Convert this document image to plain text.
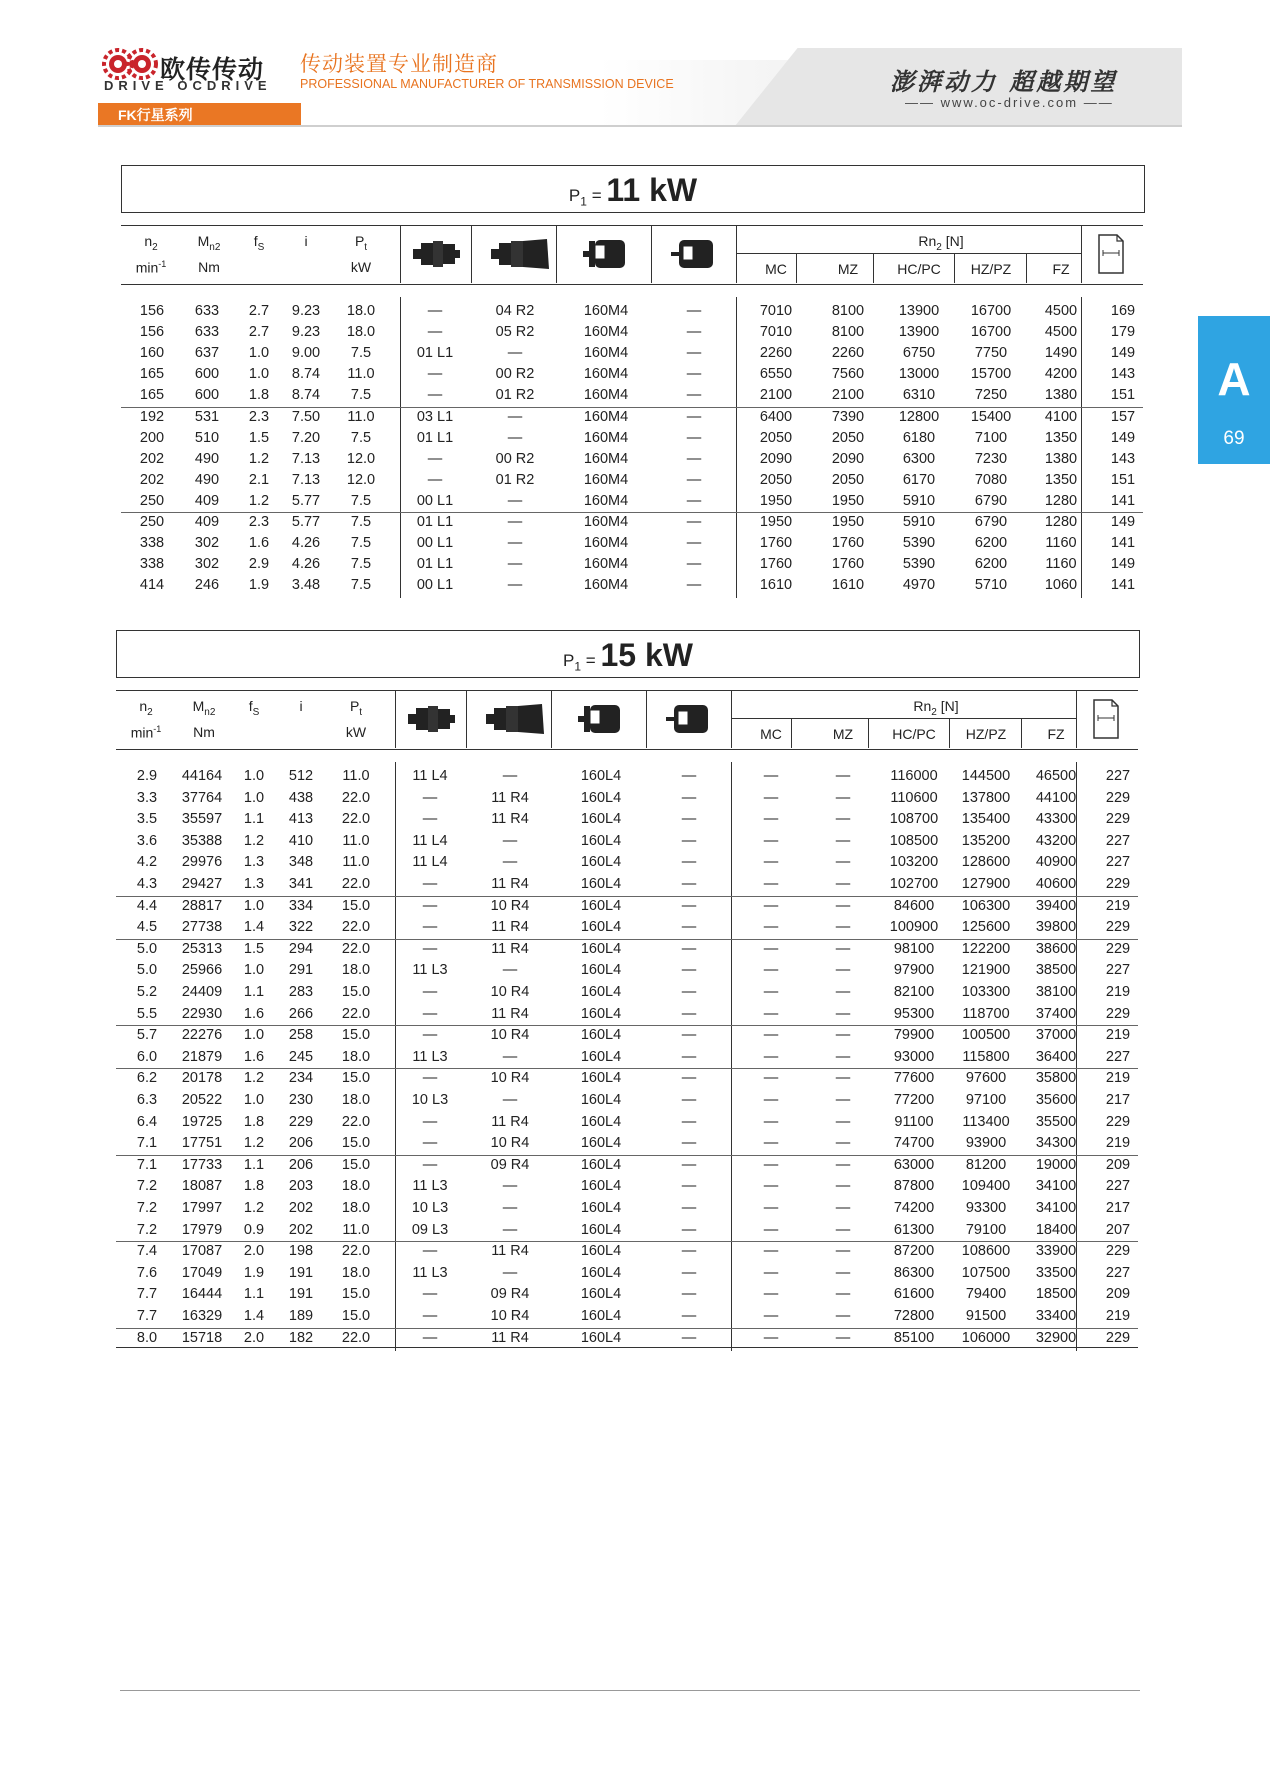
欧传传动
DRIVE OCDRIVE
传动装置专业制造商
PROFESSIONAL MANUFACTURER OF TRANSMISSION DEVICE	澎湃动力 超越期望
—— www.oc-drive.com ——
FK行星系列
A
69
$P_1 = 11$ kW
$n_2$
$\min^{-1}$
$M_{n2}$
Nm
$f_S$	i	$P_t$
kW
$Rn_2$ [N]
MC	MZ	HC/PC	HZ/PZ	FZ
156	633	2.7	9.23	18.0	—	04 R2	160M4	—	7010	8100	13900	16700	4500	169
156	633	2.7	9.23	18.0	—	05 R2	160M4	—	7010	8100	13900	16700	4500	179
160	637	1.0	9.00	7.5	01 L1	—	160M4	—	2260	2260	6750	7750	1490	149
165	600	1.0	8.74	11.0	—	00 R2	160M4	—	6550	7560	13000	15700	4200	143
165	600	1.8	8.74	7.5	—	01 R2	160M4	—	2100	2100	6310	7250	1380	151
192	531	2.3	7.50	11.0	03 L1	—	160M4	—	6400	7390	12800	15400	4100	157
200	510	1.5	7.20	7.5	01 L1	—	160M4	—	2050	2050	6180	7100	1350	149
202	490	1.2	7.13	12.0	—	00 R2	160M4	—	2090	2090	6300	7230	1380	143
202	490	2.1	7.13	12.0	—	01 R2	160M4	—	2050	2050	6170	7080	1350	151
250	409	1.2	5.77	7.5	00 L1	—	160M4	—	1950	1950	5910	6790	1280	141
250	409	2.3	5.77	7.5	01 L1	—	160M4	—	1950	1950	5910	6790	1280	149
338	302	1.6	4.26	7.5	00 L1	—	160M4	—	1760	1760	5390	6200	1160	141
338	302	2.9	4.26	7.5	01 L1	—	160M4	—	1760	1760	5390	6200	1160	149
414	246	1.9	3.48	7.5	00 L1	—	160M4	—	1610	1610	4970	5710	1060	141
$P_1 = 15$ kW
$n_2$
$\min^{-1}$
$M_{n2}$
Nm
$f_S$	i	$P_t$
kW
$Rn_2$ [N]
MC	MZ	HC/PC	HZ/PZ	FZ
2.9	44164	1.0	512	11.0	11 L4	—	160L4	—	—	—	116000	144500	46500	227
3.3	37764	1.0	438	22.0	—	11 R4	160L4	—	—	—	110600	137800	44100	229
3.5	35597	1.1	413	22.0	—	11 R4	160L4	—	—	—	108700	135400	43300	229
3.6	35388	1.2	410	11.0	11 L4	—	160L4	—	—	—	108500	135200	43200	227
4.2	29976	1.3	348	11.0	11 L4	—	160L4	—	—	—	103200	128600	40900	227
4.3	29427	1.3	341	22.0	—	11 R4	160L4	—	—	—	102700	127900	40600	229
4.4	28817	1.0	334	15.0	—	10 R4	160L4	—	—	—	84600	106300	39400	219
4.5	27738	1.4	322	22.0	—	11 R4	160L4	—	—	—	100900	125600	39800	229
5.0	25313	1.5	294	22.0	—	11 R4	160L4	—	—	—	98100	122200	38600	229
5.0	25966	1.0	291	18.0	11 L3	—	160L4	—	—	—	97900	121900	38500	227
5.2	24409	1.1	283	15.0	—	10 R4	160L4	—	—	—	82100	103300	38100	219
5.5	22930	1.6	266	22.0	—	11 R4	160L4	—	—	—	95300	118700	37400	229
5.7	22276	1.0	258	15.0	—	10 R4	160L4	—	—	—	79900	100500	37000	219
6.0	21879	1.6	245	18.0	11 L3	—	160L4	—	—	—	93000	115800	36400	227
6.2	20178	1.2	234	15.0	—	10 R4	160L4	—	—	—	77600	97600	35800	219
6.3	20522	1.0	230	18.0	10 L3	—	160L4	—	—	—	77200	97100	35600	217
6.4	19725	1.8	229	22.0	—	11 R4	160L4	—	—	—	91100	113400	35500	229
7.1	17751	1.2	206	15.0	—	10 R4	160L4	—	—	—	74700	93900	34300	219
7.1	17733	1.1	206	15.0	—	09 R4	160L4	—	—	—	63000	81200	19000	209
7.2	18087	1.8	203	18.0	11 L3	—	160L4	—	—	—	87800	109400	34100	227
7.2	17997	1.2	202	18.0	10 L3	—	160L4	—	—	—	74200	93300	34100	217
7.2	17979	0.9	202	11.0	09 L3	—	160L4	—	—	—	61300	79100	18400	207
7.4	17087	2.0	198	22.0	—	11 R4	160L4	—	—	—	87200	108600	33900	229
7.6	17049	1.9	191	18.0	11 L3	—	160L4	—	—	—	86300	107500	33500	227
7.7	16444	1.1	191	15.0	—	09 R4	160L4	—	—	—	61600	79400	18500	209
7.7	16329	1.4	189	15.0	—	10 R4	160L4	—	—	—	72800	91500	33400	219
8.0	15718	2.0	182	22.0	—	11 R4	160L4	—	—	—	85100	106000	32900	229
